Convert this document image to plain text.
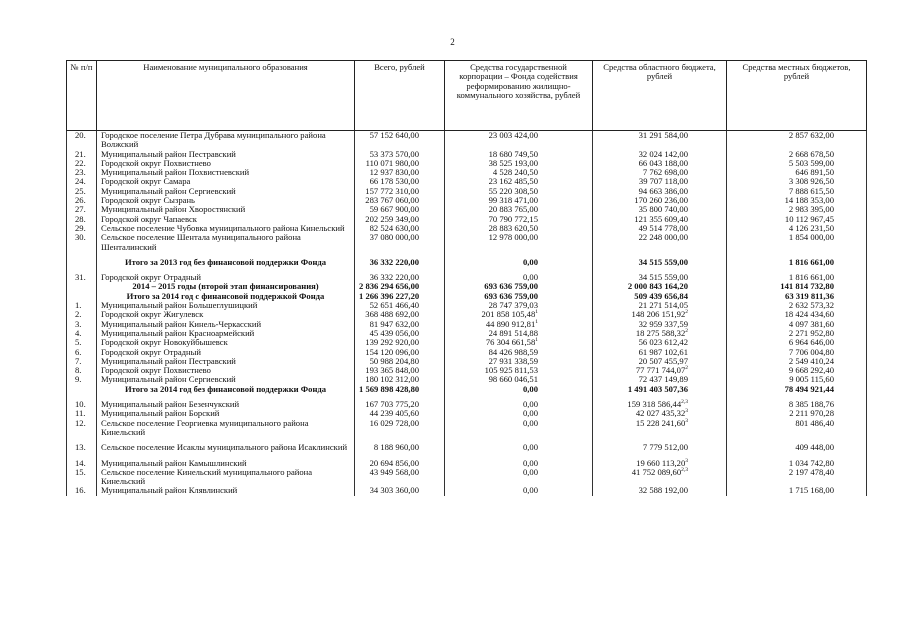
2
№ п/п	Наименование муниципального образования	Всего, рублей	Средства государственной корпорации – Фонда содействия реформированию жилищно-коммунального хозяйства, рублей	Средства областного бюджета, рублей	Средства местных бюджетов, рублей
20.	Городское поселение Петра Дубрава муниципального района Волжский	57 152 640,00	23 003 424,00	31 291 584,00	2 857 632,00
21.	Муниципальный район Пестравский	53 373 570,00	18 680 749,50	32 024 142,00	2 668 678,50
22.	Городской округ Похвистнево	110 071 980,00	38 525 193,00	66 043 188,00	5 503 599,00
23.	Муниципальный район Похвистневский	12 937 830,00	4 528 240,50	7 762 698,00	646 891,50
24.	Городской округ Самара	66 178 530,00	23 162 485,50	39 707 118,00	3 308 926,50
25.	Муниципальный район Сергиевский	157 772 310,00	55 220 308,50	94 663 386,00	7 888 615,50
26.	Городской округ Сызрань	283 767 060,00	99 318 471,00	170 260 236,00	14 188 353,00
27.	Муниципальный район Хворостянский	59 667 900,00	20 883 765,00	35 800 740,00	2 983 395,00
28.	Городской округ Чапаевск	202 259 349,00	70 790 772,15	121 355 609,40	10 112 967,45
29.	Сельское поселение Чубовка муниципального района Кинельский	82 524 630,00	28 883 620,50	49 514 778,00	4 126 231,50
30.	Сельское поселение Шентала муниципального района Шенталинский	37 080 000,00	12 978 000,00	22 248 000,00	1 854 000,00

	Итого за 2013 год без финансовой поддержки Фонда	36 332 220,00	0,00	34 515 559,00	1 816 661,00

31.	Городской округ Отрадный	36 332 220,00	0,00	34 515 559,00	1 816 661,00
	2014 – 2015 годы (второй этап финансирования)	2 836 294 656,00	693 636 759,00	2 000 843 164,20	141 814 732,80
	Итого за 2014 год с финансовой поддержкой Фонда	1 266 396 227,20	693 636 759,00	509 439 656,84	63 319 811,36
1.	Муниципальный район Большеглушицкий	52 651 466,40	28 747 379,03	21 271 514,05	2 632 573,32
2.	Городской округ Жигулевск	368 488 692,00	201 858 105,48$^1$	148 206 151,92$^2$	18 424 434,60
3.	Муниципальный район Кинель-Черкасский	81 947 632,00	44 890 912,81$^1$	32 959 337,59	4 097 381,60
4.	Муниципальный район Красноармейский	45 439 056,00	24 891 514,88	18 275 588,32$^2$	2 271 952,80
5.	Городской округ Новокуйбышевск	139 292 920,00	76 304 661,58$^1$	56 023 612,42	6 964 646,00
6.	Городской округ Отрадный	154 120 096,00	84 426 988,59	61 987 102,61	7 706 004,80
7.	Муниципальный район Пестравский	50 988 204,80	27 931 338,59	20 507 455,97	2 549 410,24
8.	Городской округ Похвистнево	193 365 848,00	105 925 811,53	77 771 744,07$^2$	9 668 292,40
9.	Муниципальный район Сергиевский	180 102 312,00	98 660 046,51	72 437 149,89	9 005 115,60
	Итого за 2014 год без финансовой поддержки Фонда	1 569 898 428,80	0,00	1 491 403 507,36	78 494 921,44

10.	Муниципальный район Безенчукский	167 703 775,20	0,00	159 318 586,44$^{2,3}$	8 385 188,76
11.	Муниципальный район Борский	44 239 405,60	0,00	42 027 435,32$^3$	2 211 970,28
12.	Сельское поселение Георгиевка муниципального района Кинельский	16 029 728,00	0,00	15 228 241,60$^3$	801 486,40

13.	Сельское поселение Исаклы муниципального района Исаклинский	8 188 960,00	0,00	7 779 512,00	409 448,00

14.	Муниципальный район Камышлинский	20 694 856,00	0,00	19 660 113,20$^3$	1 034 742,80
15.	Сельское поселение Кинельский муниципального района Кинельский	43 949 568,00	0,00	41 752 089,60$^{2,3}$	2 197 478,40
16.	Муниципальный район Клявлинский	34 303 360,00	0,00	32 588 192,00	1 715 168,00
